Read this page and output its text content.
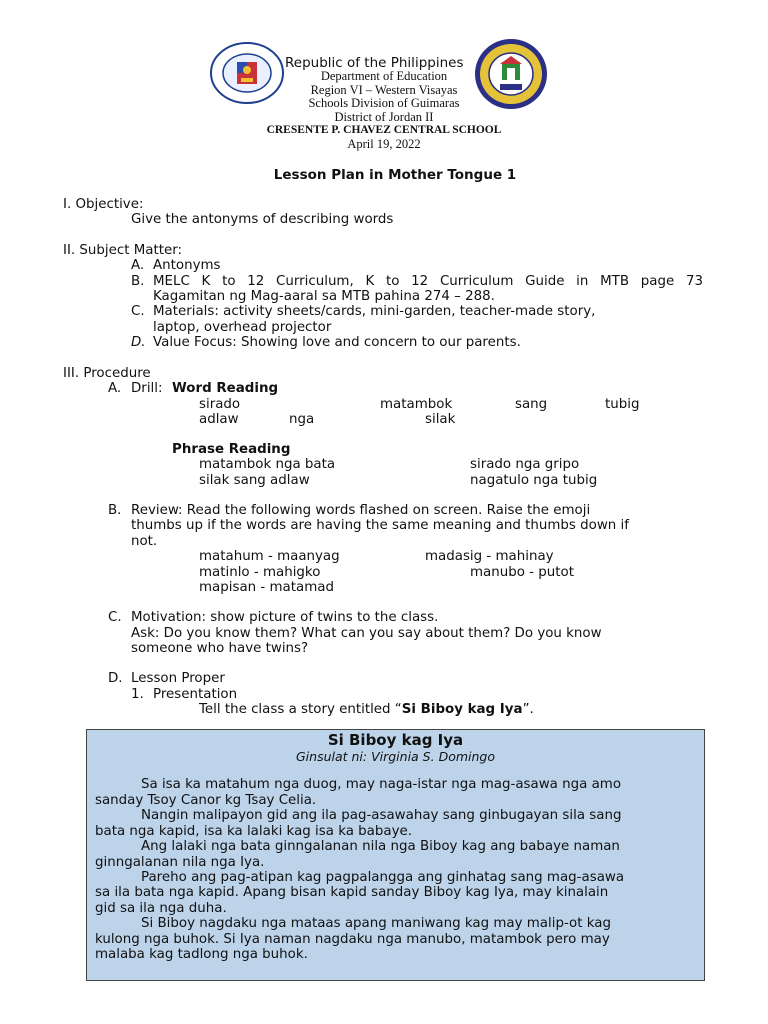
Republic of the Philippines
Department of Education
Region VI – Western Visayas
Schools Division of Guimaras
District of Jordan II
CRESENTE P. CHAVEZ CENTRAL SCHOOL
April 19, 2022
Lesson Plan in Mother Tongue 1
I. Objective:
Give the antonyms of describing words
II. Subject Matter:
A. Antonyms
B. MELC K to 12 Curriculum, K to 12 Curriculum Guide in MTB page 73
Kagamitan ng Mag-aaral sa MTB pahina 274 – 288.
C. Materials: activity sheets/cards, mini-garden, teacher-made story,
laptop, overhead projector
D. Value Focus: Showing love and concern to our parents.
III. Procedure
A. Drill: Word Reading
sirado	matambok	sang	tubig
adlaw	nga	silak
Phrase Reading
matambok nga bata	sirado nga gripo
silak sang adlaw	nagatulo nga tubig
B. Review: Read the following words flashed on screen. Raise the emoji
thumbs up if the words are having the same meaning and thumbs down if
not.
matahum - maanyag	madasig - mahinay
matinlo - mahigko	manubo - putot
mapisan - matamad
C. Motivation: show picture of twins to the class.
Ask: Do you know them? What can you say about them? Do you know
someone who have twins?
D. Lesson Proper
1. Presentation
Tell the class a story entitled “Si Biboy kag Iya”.
Si Biboy kag Iya
Ginsulat ni: Virginia S. Domingo
Sa isa ka matahum nga duog, may naga-istar nga mag-asawa nga amo
sanday Tsoy Canor kg Tsay Celia.
Nangin malipayon gid ang ila pag-asawahay sang ginbugayan sila sang
bata nga kapid, isa ka lalaki kag isa ka babaye.
Ang lalaki nga bata ginngalanan nila nga Biboy kag ang babaye naman
ginngalanan nila nga Iya.
Pareho ang pag-atipan kag pagpalangga ang ginhatag sang mag-asawa
sa ila bata nga kapid. Apang bisan kapid sanday Biboy kag Iya, may kinalain
gid sa ila nga duha.
Si Biboy nagdaku nga mataas apang maniwang kag may malip-ot kag
kulong nga buhok. Si Iya naman nagdaku nga manubo, matambok pero may
malaba kag tadlong nga buhok.
